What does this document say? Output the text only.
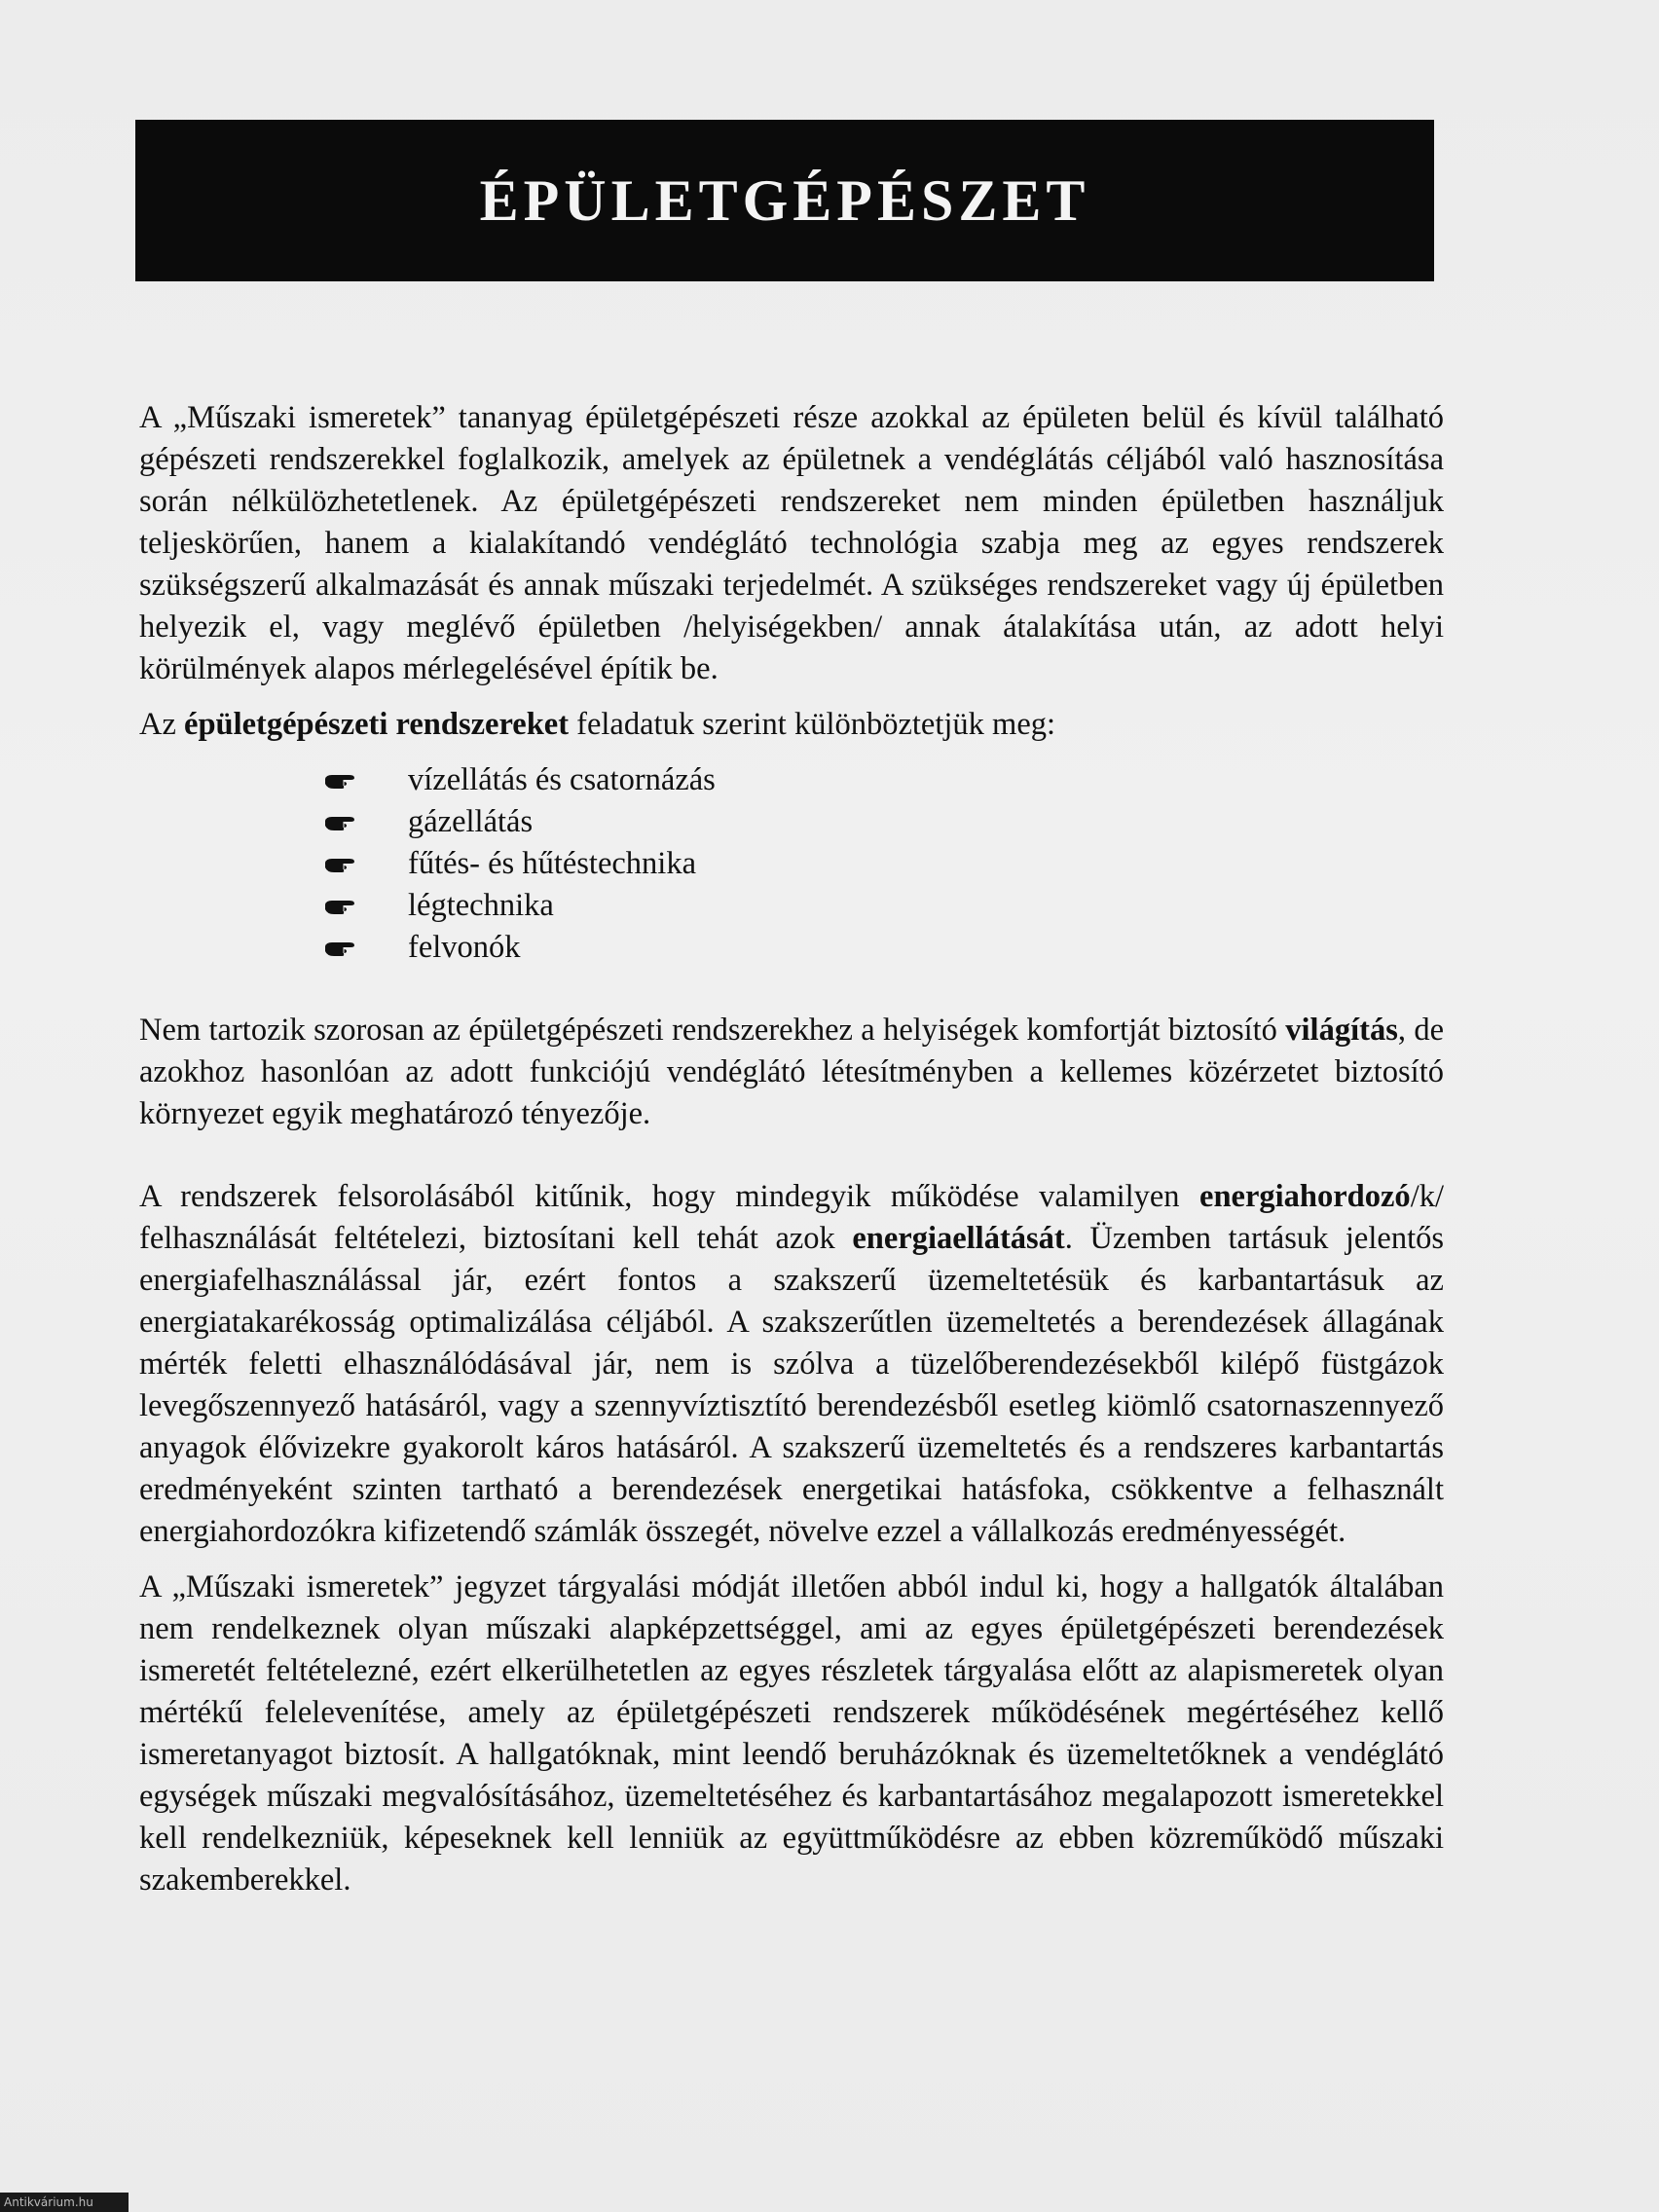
ÉPÜLETGÉPÉSZET

A „Műszaki ismeretek” tananyag épületgépészeti része azokkal az épületen belül és kívül található gépészeti rendszerekkel foglalkozik, amelyek az épületnek a vendéglátás céljából való hasznosítása során nélkülözhetetlenek. Az épületgépészeti rendszereket nem minden épületben használjuk teljeskörűen, hanem a kialakítandó vendéglátó technológia szabja meg az egyes rendszerek szükségszerű alkalmazását és annak műszaki terjedelmét. A szükséges rendszereket vagy új épületben helyezik el, vagy meglévő épületben /helyiségekben/ annak átalakítása után, az adott helyi körülmények alapos mérlegelésével építik be.

Az épületgépészeti rendszereket feladatuk szerint különböztetjük meg:

vízellátás és csatornázás
gázellátás
fűtés- és hűtéstechnika
légtechnika
felvonók

Nem tartozik szorosan az épületgépészeti rendszerekhez a helyiségek komfortját biztosító világítás, de azokhoz hasonlóan az adott funkciójú vendéglátó létesítményben a kellemes közérzetet biztosító környezet egyik meghatározó tényezője.

A rendszerek felsorolásából kitűnik, hogy mindegyik működése valamilyen energiahordozó/k/ felhasználását feltételezi, biztosítani kell tehát azok energiaellátását. Üzemben tartásuk jelentős energiafelhasználással jár, ezért fontos a szakszerű üzemeltetésük és karbantartásuk az energiatakarékosság optimalizálása céljából. A szakszerűtlen üzemeltetés a berendezések állagának mérték feletti elhasználódásával jár, nem is szólva a tüzelőberendezésekből kilépő füstgázok levegőszennyező hatásáról, vagy a szennyvíztisztító berendezésből esetleg kiömlő csatornaszennyező anyagok élővizekre gyakorolt káros hatásáról. A szakszerű üzemeltetés és a rendszeres karbantartás eredményeként szinten tartható a berendezések energetikai hatásfoka, csökkentve a felhasznált energiahordozókra kifizetendő számlák összegét, növelve ezzel a vállalkozás eredményességét.

A „Műszaki ismeretek” jegyzet tárgyalási módját illetően abból indul ki, hogy a hallgatók általában nem rendelkeznek olyan műszaki alapképzettséggel, ami az egyes épületgépészeti berendezések ismeretét feltételezné, ezért elkerülhetetlen az egyes részletek tárgyalása előtt az alapismeretek olyan mértékű felelevenítése, amely az épületgépészeti rendszerek működésének megértéséhez kellő ismeretanyagot biztosít. A hallgatóknak, mint leendő beruházóknak és üzemeltetőknek a vendéglátó egységek műszaki megvalósításához, üzemeltetéséhez és karbantartásához megalapozott ismeretekkel kell rendelkezniük, képeseknek kell lenniük az együttműködésre az ebben közreműködő műszaki szakemberekkel.

Antikvárium.hu
